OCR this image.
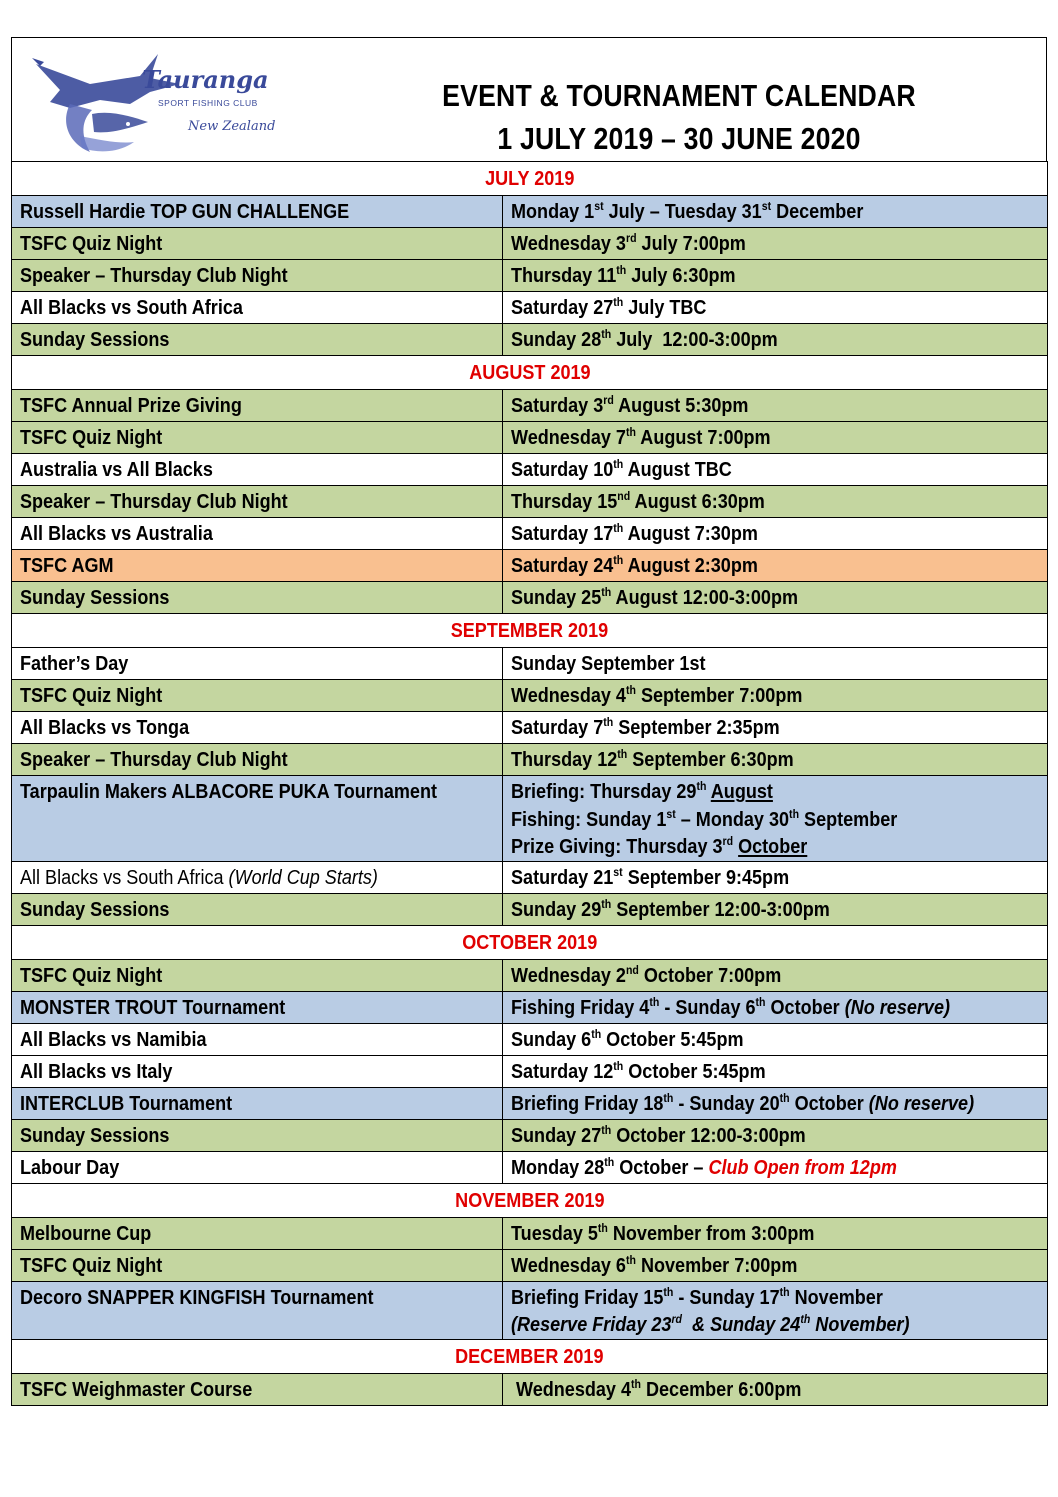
Tauranga
SPORT FISHING CLUB
New Zealand
EVENT & TOURNAMENT CALENDAR
1 JULY 2019 – 30 JUNE 2020
JULY 2019	
Russell Hardie TOP GUN CHALLENGE	Monday 1st July – Tuesday 31st December
TSFC Quiz Night	Wednesday 3rd July 7:00pm
Speaker – Thursday Club Night	Thursday 11th July 6:30pm
All Blacks vs South Africa	Saturday 27th July TBC
Sunday Sessions	Sunday 28th July  12:00-3:00pm
AUGUST 2019	
TSFC Annual Prize Giving	Saturday 3rd August 5:30pm
TSFC Quiz Night	Wednesday 7th August 7:00pm
Australia vs All Blacks	Saturday 10th August TBC
Speaker – Thursday Club Night	Thursday 15nd August 6:30pm
All Blacks vs Australia	Saturday 17th August 7:30pm
TSFC AGM	Saturday 24th August 2:30pm
Sunday Sessions	Sunday 25th August 12:00-3:00pm
SEPTEMBER 2019	
Father’s Day	Sunday September 1st
TSFC Quiz Night	Wednesday 4th September 7:00pm
All Blacks vs Tonga	Saturday 7th September 2:35pm
Speaker – Thursday Club Night	Thursday 12th September 6:30pm
Tarpaulin Makers ALBACORE PUKA Tournament	Briefing: Thursday 29th August
Fishing: Sunday 1st – Monday 30th September
Prize Giving: Thursday 3rd October

All Blacks vs South Africa (World Cup Starts)	Saturday 21st September 9:45pm
Sunday Sessions	Sunday 29th September 12:00-3:00pm
OCTOBER 2019	
TSFC Quiz Night	Wednesday 2nd October 7:00pm
MONSTER TROUT Tournament	Fishing Friday 4th - Sunday 6th October (No reserve)
All Blacks vs Namibia	Sunday 6th October 5:45pm
All Blacks vs Italy	Saturday 12th October 5:45pm
INTERCLUB Tournament	Briefing Friday 18th - Sunday 20th October (No reserve)
Sunday Sessions	Sunday 27th October 12:00-3:00pm
Labour Day	Monday 28th October – Club Open from 12pm
NOVEMBER 2019	
Melbourne Cup	Tuesday 5th November from 3:00pm
TSFC Quiz Night	Wednesday 6th November 7:00pm
Decoro SNAPPER KINGFISH Tournament	Briefing Friday 15th - Sunday 17th November
(Reserve Friday 23rd  & Sunday 24th November)

DECEMBER 2019	
TSFC Weighmaster Course	Wednesday 4th December 6:00pm
